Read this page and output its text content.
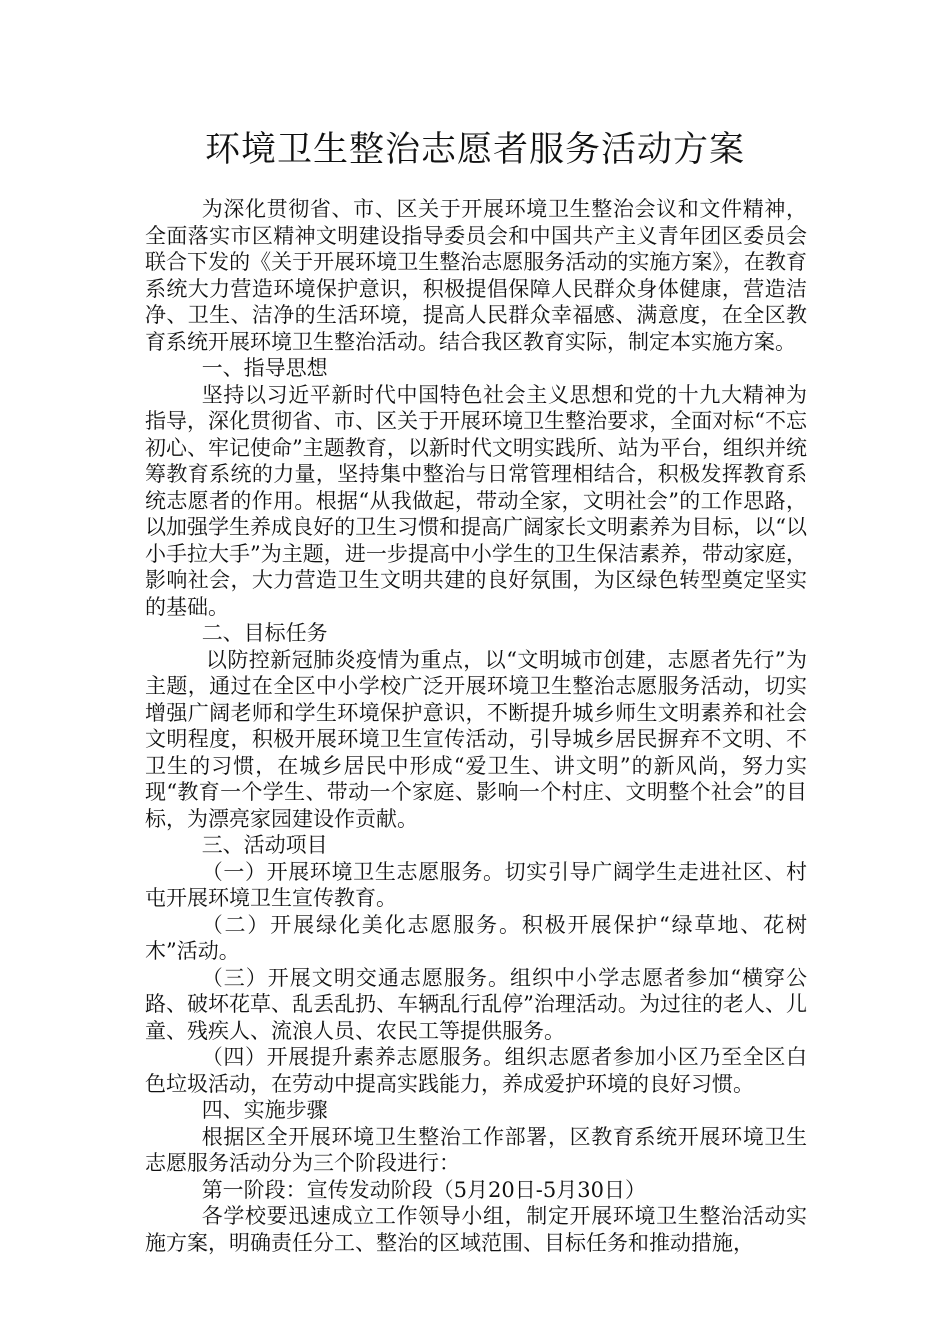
环境卫生整治志愿者服务活动方案

为深化贯彻省、市、区关于开展环境卫生整治会议和文件精神，全面落实市区精神文明建设指导委员会和中国共产主义青年团区委员会联合下发的《关于开展环境卫生整治志愿服务活动的实施方案》，在教育系统大力营造环境保护意识，积极提倡保障人民群众身体健康，营造洁净、卫生、洁净的生活环境，提高人民群众幸福感、满意度，在全区教育系统开展环境卫生整治活动。结合我区教育实际，制定本实施方案。

一、指导思想

坚持以习近平新时代中国特色社会主义思想和党的十九大精神为指导，深化贯彻省、市、区关于开展环境卫生整治要求，全面对标“不忘初心、牢记使命”主题教育，以新时代文明实践所、站为平台，组织并统筹教育系统的力量，坚持集中整治与日常管理相结合，积极发挥教育系统志愿者的作用。根据“从我做起，带动全家，文明社会”的工作思路，以加强学生养成良好的卫生习惯和提高广阔家长文明素养为目标，以“以小手拉大手”为主题，进一步提高中小学生的卫生保洁素养，带动家庭，影响社会，大力营造卫生文明共建的良好氛围，为区绿色转型奠定坚实的基础。

二、目标任务

以防控新冠肺炎疫情为重点，以“文明城市创建，志愿者先行”为主题，通过在全区中小学校广泛开展环境卫生整治志愿服务活动，切实增强广阔老师和学生环境保护意识，不断提升城乡师生文明素养和社会文明程度，积极开展环境卫生宣传活动，引导城乡居民摒弃不文明、不卫生的习惯，在城乡居民中形成“爱卫生、讲文明”的新风尚，努力实现“教育一个学生、带动一个家庭、影响一个村庄、文明整个社会”的目标，为漂亮家园建设作贡献。

三、活动项目

（一）开展环境卫生志愿服务。切实引导广阔学生走进社区、村屯开展环境卫生宣传教育。

（二）开展绿化美化志愿服务。积极开展保护“绿草地、花树木”活动。

（三）开展文明交通志愿服务。组织中小学志愿者参加“横穿公路、破坏花草、乱丢乱扔、车辆乱行乱停”治理活动。为过往的老人、儿童、残疾人、流浪人员、农民工等提供服务。

（四）开展提升素养志愿服务。组织志愿者参加小区乃至全区白色垃圾活动，在劳动中提高实践能力，养成爱护环境的良好习惯。

四、实施步骤

根据区全开展环境卫生整治工作部署，区教育系统开展环境卫生志愿服务活动分为三个阶段进行：

第一阶段：宣传发动阶段（5月20日-5月30日）

各学校要迅速成立工作领导小组，制定开展环境卫生整治活动实施方案，明确责任分工、整治的区域范围、目标任务和推动措施，
